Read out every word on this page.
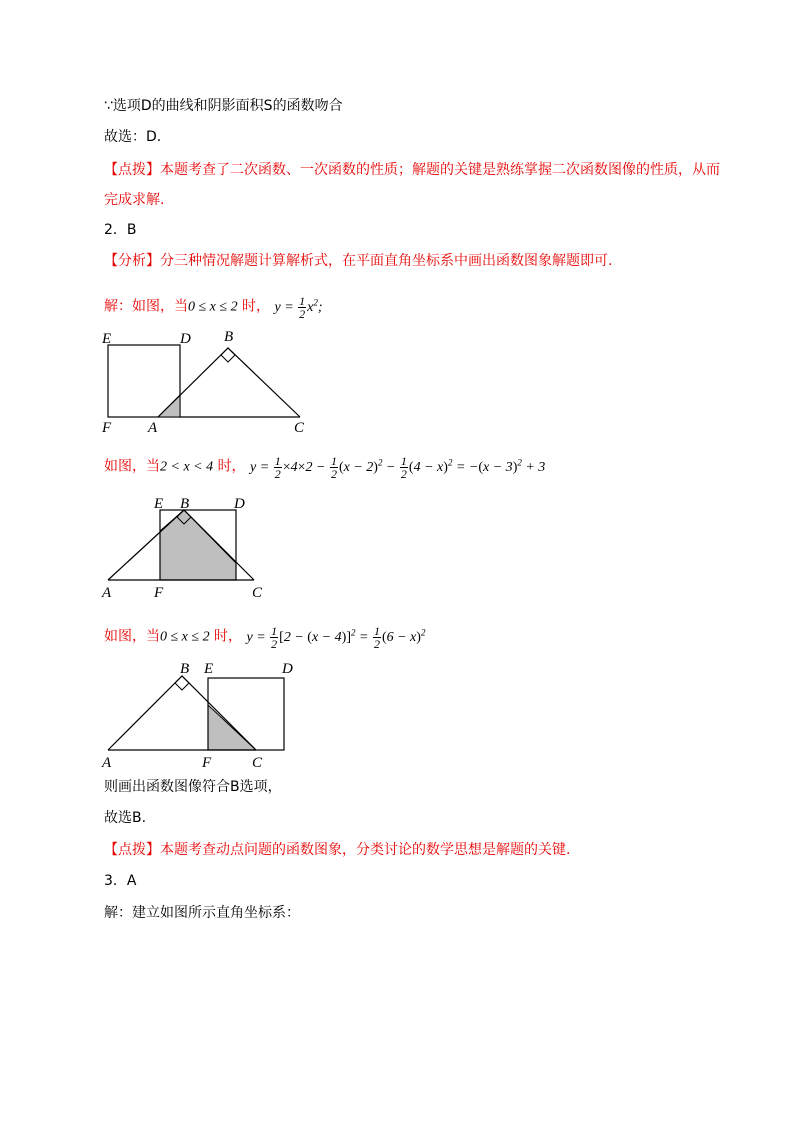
∵选项D的曲线和阴影面积S的函数吻合
故选：D.
【点拨】本题考查了二次函数、一次函数的性质；解题的关键是熟练掌握二次函数图像的性质，从而
完成求解.
2．B
【分析】分三种情况解题计算解析式，在平面直角坐标系中画出函数图象解题即可.
解：如图，当0 ≤ x ≤ 2 时， $y = \frac{1}{2} x^2$;
E	D B
F A	C
如图，当2 < x < 4 时， $y = \frac{1}{2} \times 4\times 2 - \frac{1}{2} (x - 2)^2 - \frac{1}{2} (4 - x)^2 = -(x - 3)^2 + 3$
E B	D
A	F	C
如图，当0 ≤ x ≤ 2 时， $y = \frac{1}{2} [2 - (x - 4)]^2 = \frac{1}{2} (6 - x)^2$
B E	D
A	F	C
则画出函数图像符合B选项，
故选B.
【点拨】本题考查动点问题的函数图象，分类讨论的数学思想是解题的关键.
3．A
解：建立如图所示直角坐标系：
